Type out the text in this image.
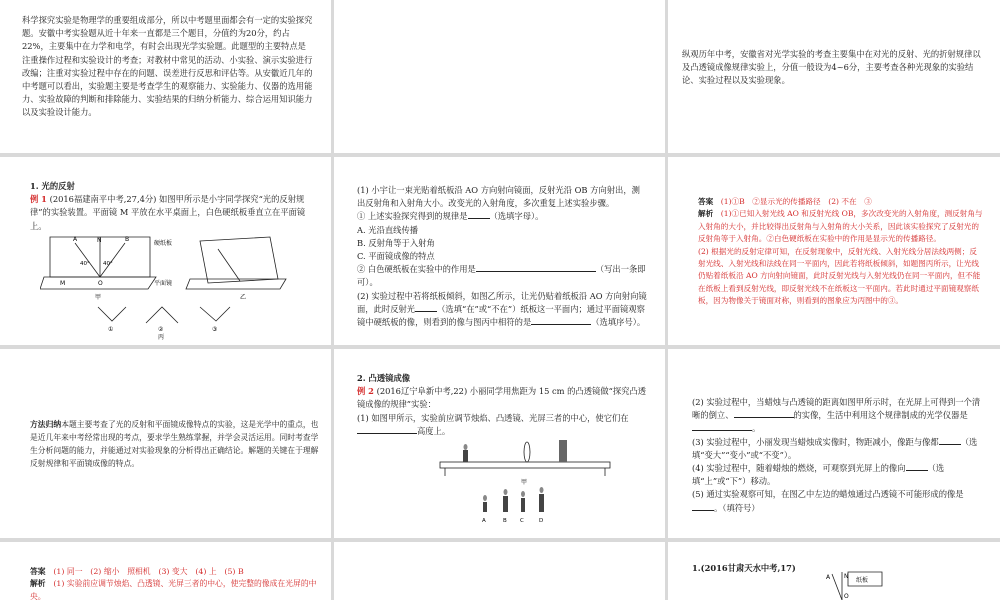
科学探究实验是物理学的重要组成部分，所以中考题里面都会有一定的实验探究题。安徽中考实验题从近十年来一直都是三个题目，分值约为20分，约占22%，主要集中在力学和电学，有时会出现光学实验题。此题型的主要特点是注重操作过程和实验设计的考查；对教材中常见的活动、小实验、演示实验进行改编；注重对实验过程中存在的问题、误差进行反思和评估等。从安徽近几年的中考题可以看出，实验题主要是考查学生的观察能力、实验能力、仪器的选用能力、实验故障的判断和排除能力、实验结果的归纳分析能力、综合运用知识能力以及实验设计能力。

纵观历年中考，安徽省对光学实验的考查主要集中在对光的反射、光的折射规律以及凸透镜成像规律实验上，分值一般设为4~6分，主要考查各种光现象的实验结论、实验过程以及实验现象。

1. 光的反射

例 1 (2016福建南平中考,27,4分) 如图甲所示是小宇同学探究“光的反射规律”的实验装置。平面镜 M 平放在水平桌面上，白色硬纸板垂直立在平面镜上。

A	B
N
O
M
40° 40°
硬纸板
平面镜
甲	乙
①	②	③
丙

(1) 小宇让一束光贴着纸板沿 AO 方向射向镜面，反射光沿 OB 方向射出，测出反射角和入射角大小。改变光的入射角度，多次重复上述实验步骤。

① 上述实验探究得到的规律是	（选填字母）。

A. 光沿直线传播

B. 反射角等于入射角

C. 平面镜成像的特点

② 白色硬纸板在实验中的作用是	（写出一条即可）。

(2) 实验过程中若将纸板倾斜，如图乙所示，让光仍贴着纸板沿 AO 方向射向镜面，此时反射光	（选填“在”或“不在”）纸板这一平面内；通过平面镜观察镜中硬纸板的像，则看到的像与图丙中相符的是	（选填序号）。

答案　 (1)①B　②显示光的传播路径　(2) 不在　③

解析　 (1)①已知入射光线 AO 和反射光线 OB，多次改变光的入射角度，测反射角与入射角的大小，并比较得出反射角与入射角的大小关系，因此该实验探究了反射光的反射角等于入射角。②白色硬纸板在实验中的作用是显示光的传播路径。

(2) 根据光的反射定律可知，在反射现象中，反射光线、入射光线分居法线两侧；反射光线、入射光线和法线在同一平面内，因此若将纸板倾斜，如题图丙所示，让光线仍贴着纸板沿 AO 方向射向镜面，此时反射光线与入射光线仍在同一平面内，但不能在纸板上看到反射光线，即反射光线不在纸板这一平面内。若此时通过平面镜观察纸板，因为物像关于镜面对称，则看到的图象应为丙图中的③。

方法归纳本题主要考查了光的反射和平面镜成像特点的实验，这是光学中的重点，也是近几年来中考经常出现的考点，要求学生熟练掌握，并学会灵活运用。同时考查学生分析问题的能力，并能通过对实验现象的分析得出正确结论。解题的关键在于理解反射规律和平面镜成像的特点。

2. 凸透镜成像

例 2 (2016辽宁阜新中考,22) 小丽同学用焦距为 15 cm 的凸透镜做“探究凸透镜成像的规律”实验：

(1) 如图甲所示，实验前应调节烛焰、凸透镜、光屏三者的中心，使它们在高度上。

甲
A	B C	D

(2) 实验过程中，当蜡烛与凸透镜的距离如图甲所示时，在光屏上可得到一个清晰的倒立、	的实像，生活中利用这个规律制成的光学仪器是。

(3) 实验过程中，小丽发现当蜡烛成实像时，物距减小，像距与像都	（选填“变大”“变小”或“不变”）。

(4) 实验过程中，随着蜡烛的燃烧，可观察到光屏上的像向	（选填“上”或“下”）移动。

(5) 通过实验观察可知，在图乙中左边的蜡烛通过凸透镜不可能形成的像是。（填符号）

答案　 (1) 同一　(2) 缩小　照相机　(3) 变大　(4) 上　(5) B

解析　 (1) 实验前应调节烛焰、凸透镜、光屏三者的中心，使完整的像成在光屏的中央。

1.(2016甘肃天水中考,17)

A N
纸板
O
